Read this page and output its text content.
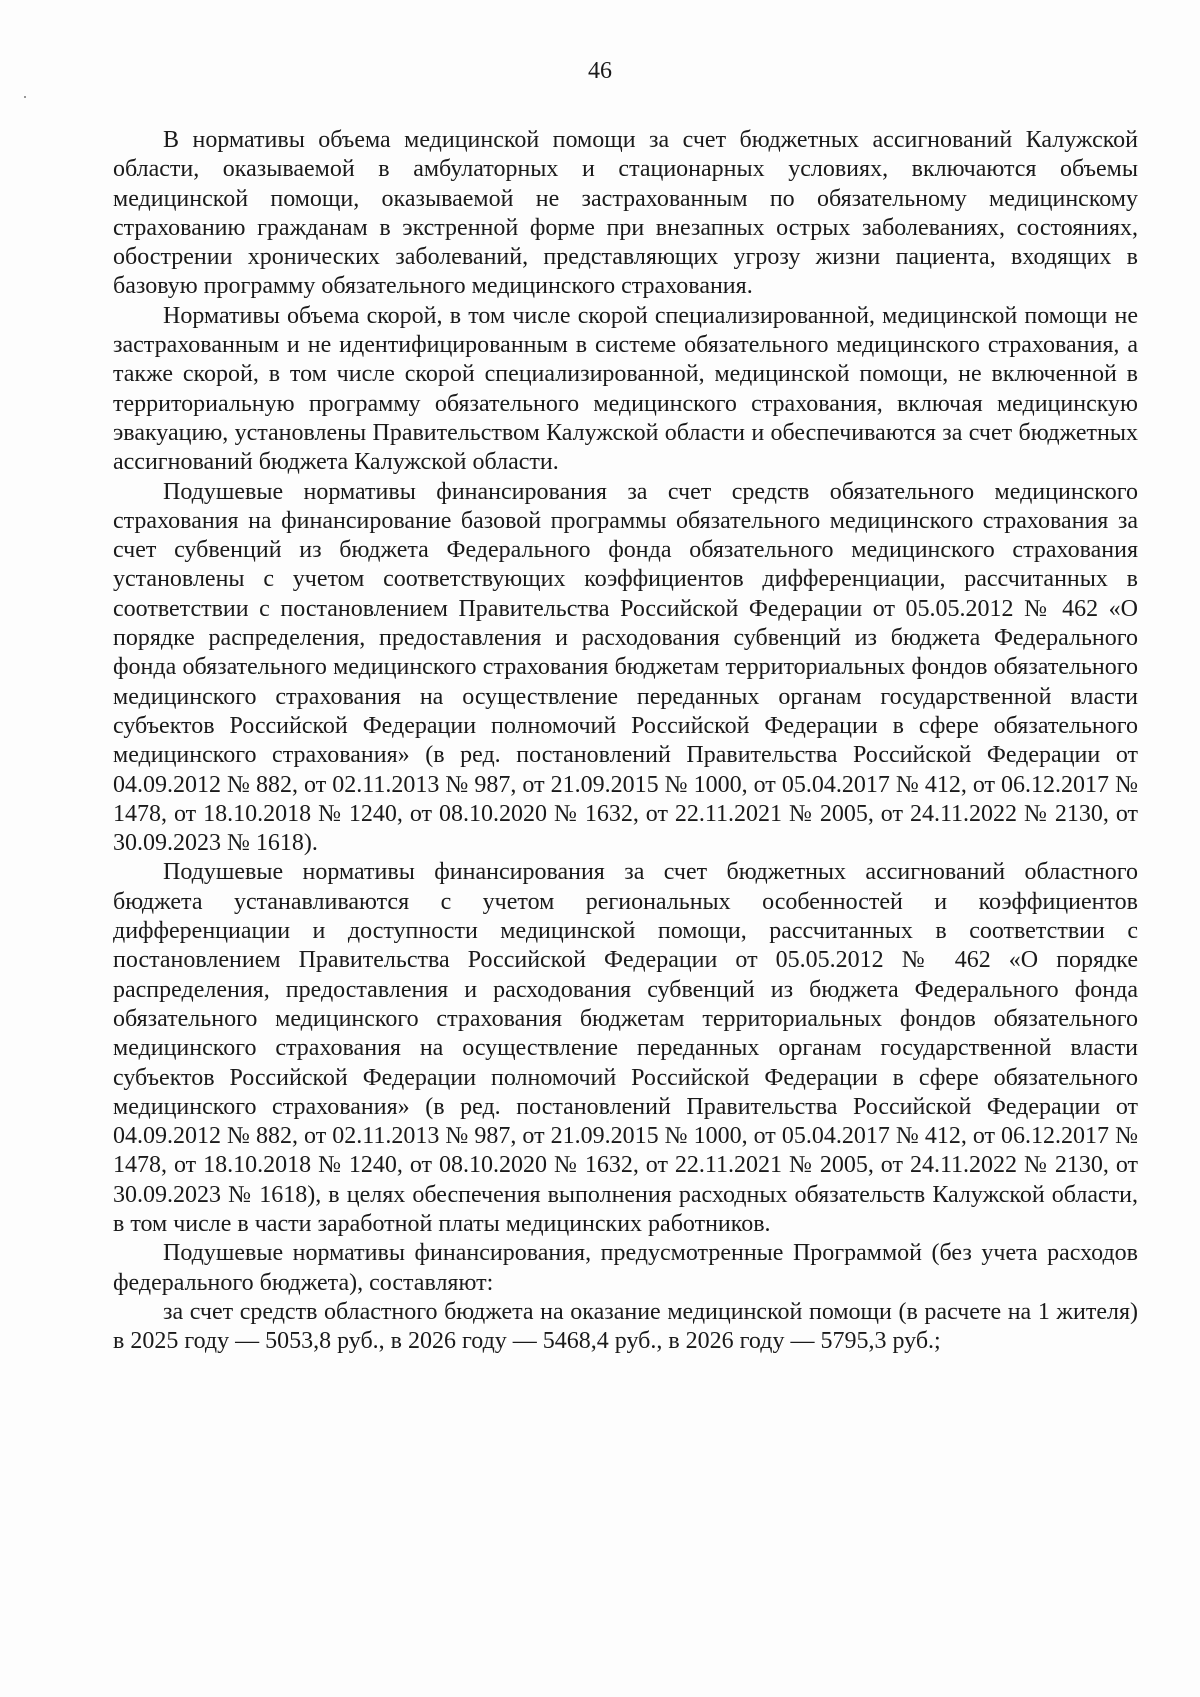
46

В нормативы объема медицинской помощи за счет бюджетных ассигнований Калужской области, оказываемой в амбулаторных и стационарных условиях, включаются объемы медицинской помощи, оказываемой не застрахованным по обязательному медицинскому страхованию гражданам в экстренной форме при внезапных острых заболеваниях, состояниях, обострении хронических заболеваний, представляющих угрозу жизни пациента, входящих в базовую программу обязательного медицинского страхования.

Нормативы объема скорой, в том числе скорой специализированной, медицинской помощи не застрахованным и не идентифицированным в системе обязательного медицинского страхования, а также скорой, в том числе скорой специализированной, медицинской помощи, не включенной в территориальную программу обязательного медицинского страхования, включая медицинскую эвакуацию, установлены Правительством Калужской области и обеспечиваются за счет бюджетных ассигнований бюджета Калужской области.

Подушевые нормативы финансирования за счет средств обязательного медицинского страхования на финансирование базовой программы обязательного медицинского страхования за счет субвенций из бюджета Федерального фонда обязательного медицинского страхования установлены с учетом соответствующих коэффициентов дифференциации, рассчитанных в соответствии с постановлением Правительства Российской Федерации от 05.05.2012 № 462 «О порядке распределения, предоставления и расходования субвенций из бюджета Федерального фонда обязательного медицинского страхования бюджетам территориальных фондов обязательного медицинского страхования на осуществление переданных органам государственной власти субъектов Российской Федерации полномочий Российской Федерации в сфере обязательного медицинского страхования» (в ред. постановлений Правительства Российской Федерации от 04.09.2012 № 882, от 02.11.2013 № 987, от 21.09.2015 № 1000, от 05.04.2017 № 412, от 06.12.2017 № 1478, от 18.10.2018 № 1240, от 08.10.2020 № 1632, от 22.11.2021 № 2005, от 24.11.2022 № 2130, от 30.09.2023 № 1618).

Подушевые нормативы финансирования за счет бюджетных ассигнований областного бюджета устанавливаются с учетом региональных особенностей и коэффициентов дифференциации и доступности медицинской помощи, рассчитанных в соответствии с постановлением Правительства Российской Федерации от 05.05.2012 № 462 «О порядке распределения, предоставления и расходования субвенций из бюджета Федерального фонда обязательного медицинского страхования бюджетам территориальных фондов обязательного медицинского страхования на осуществление переданных органам государственной власти субъектов Российской Федерации полномочий Российской Федерации в сфере обязательного медицинского страхования» (в ред. постановлений Правительства Российской Федерации от 04.09.2012 № 882, от 02.11.2013 № 987, от 21.09.2015 № 1000, от 05.04.2017 № 412, от 06.12.2017 № 1478, от 18.10.2018 № 1240, от 08.10.2020 № 1632, от 22.11.2021 № 2005, от 24.11.2022 № 2130, от 30.09.2023 № 1618), в целях обеспечения выполнения расходных обязательств Калужской области, в том числе в части заработной платы медицинских работников.

Подушевые нормативы финансирования, предусмотренные Программой (без учета расходов федерального бюджета), составляют:

за счет средств областного бюджета на оказание медицинской помощи (в расчете на 1 жителя) в 2025 году — 5053,8 руб., в 2026 году — 5468,4 руб., в 2026 году — 5795,3 руб.;
